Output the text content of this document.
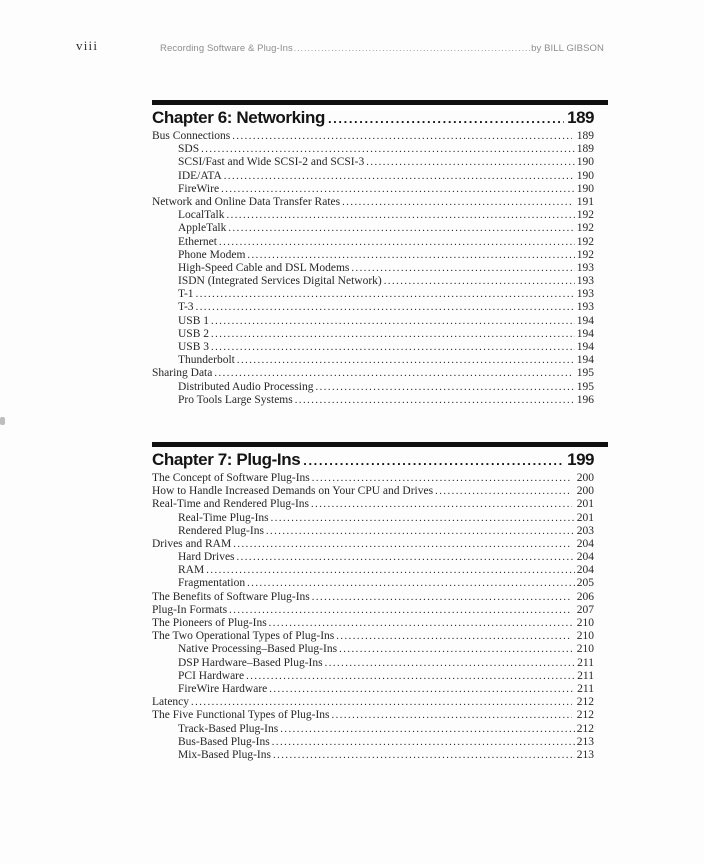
viii	Recording Software & Plug-Ins .....	by BILL GIBSON
Chapter 6: Networking .....	189
Bus Connections .....	189
SDS .....	189
SCSI/Fast and Wide SCSI-2 and SCSI-3 .....	190
IDE/ATA .....	190
FireWire .....	190
Network and Online Data Transfer Rates .....	191
LocalTalk .....	192
AppleTalk .....	192
Ethernet .....	192
Phone Modem .....	192
High-Speed Cable and DSL Modems .....	193
ISDN (Integrated Services Digital Network) .....	193
T-1 .....	193
T-3 .....	193
USB 1 .....	194
USB 2 .....	194
USB 3 .....	194
Thunderbolt .....	194
Sharing Data .....	195
Distributed Audio Processing .....	195
Pro Tools Large Systems .....	196
Chapter 7: Plug-Ins .....	199
The Concept of Software Plug-Ins .....	200
How to Handle Increased Demands on Your CPU and Drives .....	200
Real-Time and Rendered Plug-Ins .....	201
Real-Time Plug-Ins .....	201
Rendered Plug-Ins .....	203
Drives and RAM .....	204
Hard Drives .....	204
RAM .....	204
Fragmentation .....	205
The Benefits of Software Plug-Ins .....	206
Plug-In Formats .....	207
The Pioneers of Plug-Ins .....	210
The Two Operational Types of Plug-Ins .....	210
Native Processing–Based Plug-Ins .....	210
DSP Hardware–Based Plug-Ins .....	211
PCI Hardware .....	211
FireWire Hardware .....	211
Latency .....	212
The Five Functional Types of Plug-Ins .....	212
Track-Based Plug-Ins .....	212
Bus-Based Plug-Ins .....	213
Mix-Based Plug-Ins .....	213
